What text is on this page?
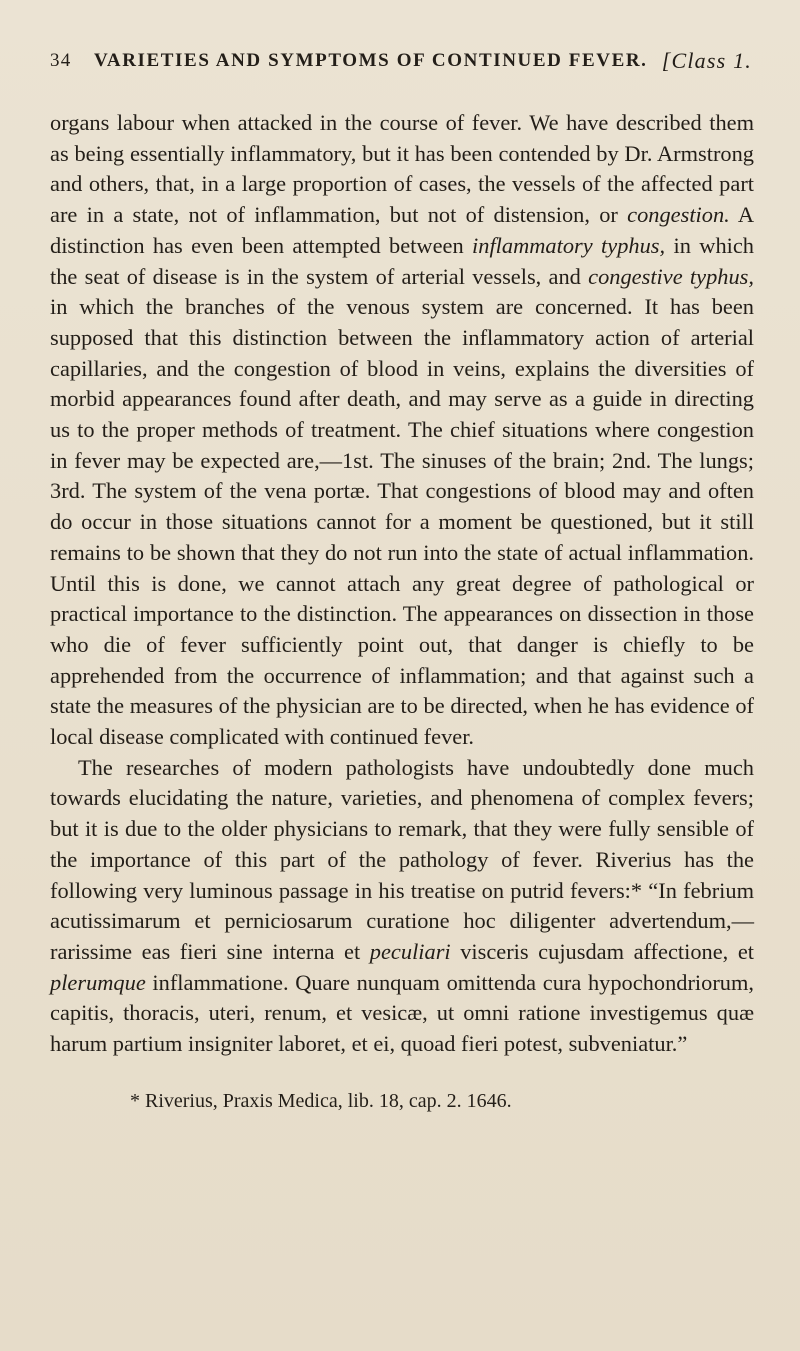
34 VARIETIES AND SYMPTOMS OF CONTINUED FEVER. [Class 1.

organs labour when attacked in the course of fever. We have described them as being essentially inflammatory, but it has been contended by Dr. Armstrong and others, that, in a large proportion of cases, the vessels of the affected part are in a state, not of inflammation, but not of distension, or congestion. A distinction has even been attempted between inflammatory typhus, in which the seat of disease is in the system of arterial vessels, and congestive typhus, in which the branches of the venous system are concerned. It has been supposed that this distinction between the inflammatory action of arterial capillaries, and the congestion of blood in veins, explains the diversities of morbid appearances found after death, and may serve as a guide in directing us to the proper methods of treatment. The chief situations where congestion in fever may be expected are,—1st. The sinuses of the brain; 2nd. The lungs; 3rd. The system of the vena portæ. That congestions of blood may and often do occur in those situations cannot for a moment be questioned, but it still remains to be shown that they do not run into the state of actual inflammation. Until this is done, we cannot attach any great degree of pathological or practical importance to the distinction. The appearances on dissection in those who die of fever sufficiently point out, that danger is chiefly to be apprehended from the occurrence of inflammation; and that against such a state the measures of the physician are to be directed, when he has evidence of local disease complicated with continued fever.

The researches of modern pathologists have undoubtedly done much towards elucidating the nature, varieties, and phenomena of complex fevers; but it is due to the older physicians to remark, that they were fully sensible of the importance of this part of the pathology of fever. Riverius has the following very luminous passage in his treatise on putrid fevers:* “In febrium acutissimarum et perniciosarum curatione hoc diligenter advertendum,—rarissime eas fieri sine interna et peculiari visceris cujusdam affectione, et plerumque inflammatione. Quare nunquam omittenda cura hypochondriorum, capitis, thoracis, uteri, renum, et vesicæ, ut omni ratione investigemus quæ harum partium insigniter laboret, et ei, quoad fieri potest, subveniatur.”

* Riverius, Praxis Medica, lib. 18, cap. 2. 1646.
